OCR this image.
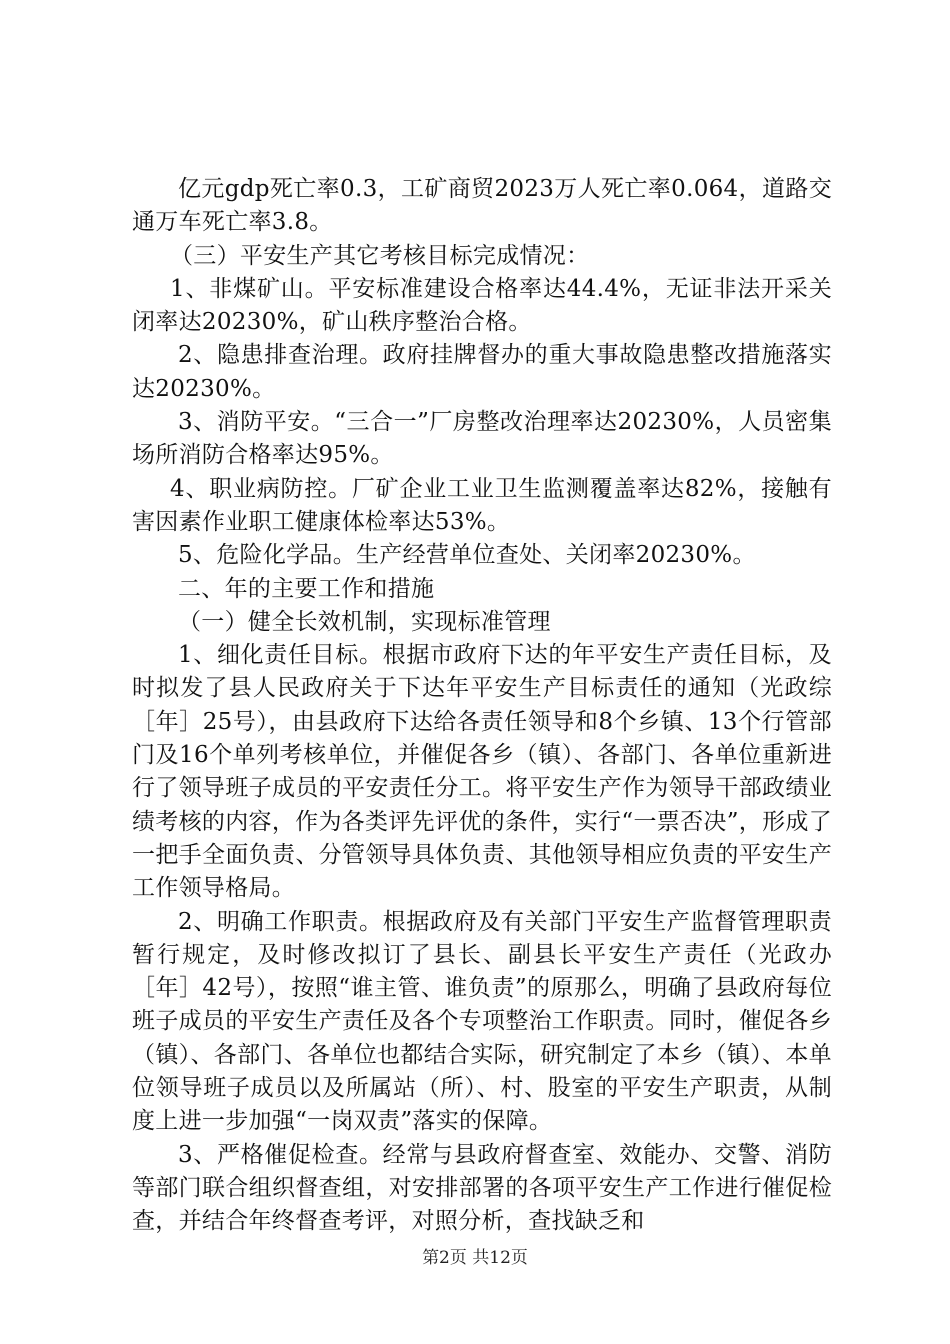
亿元gdp死亡率0.3，工矿商贸2023万人死亡率0.064，道路交通万车死亡率3.8。

（三）平安生产其它考核目标完成情况：

1、非煤矿山。平安标准建设合格率达44.4%，无证非法开采关闭率达20230%，矿山秩序整治合格。

2、隐患排查治理。政府挂牌督办的重大事故隐患整改措施落实达20230%。

3、消防平安。“三合一”厂房整改治理率达20230%，人员密集场所消防合格率达95%。

4、职业病防控。厂矿企业工业卫生监测覆盖率达82%，接触有害因素作业职工健康体检率达53%。

5、危险化学品。生产经营单位查处、关闭率20230%。

二、年的主要工作和措施

（一）健全长效机制，实现标准管理

1、细化责任目标。根据市政府下达的年平安生产责任目标，及时拟发了县人民政府关于下达年平安生产目标责任的通知（光政综［年］25号），由县政府下达给各责任领导和8个乡镇、13个行管部门及16个单列考核单位，并催促各乡（镇）、各部门、各单位重新进行了领导班子成员的平安责任分工。将平安生产作为领导干部政绩业绩考核的内容，作为各类评先评优的条件，实行“一票否决”，形成了一把手全面负责、分管领导具体负责、其他领导相应负责的平安生产工作领导格局。

2、明确工作职责。根据政府及有关部门平安生产监督管理职责暂行规定，及时修改拟订了县长、副县长平安生产责任（光政办［年］42号），按照“谁主管、谁负责”的原那么，明确了县政府每位班子成员的平安生产责任及各个专项整治工作职责。同时，催促各乡（镇）、各部门、各单位也都结合实际，研究制定了本乡（镇）、本单位领导班子成员以及所属站（所）、村、股室的平安生产职责，从制度上进一步加强“一岗双责”落实的保障。

3、严格催促检查。经常与县政府督查室、效能办、交警、消防等部门联合组织督查组，对安排部署的各项平安生产工作进行催促检查，并结合年终督查考评，对照分析，查找缺乏和

第2页 共12页
